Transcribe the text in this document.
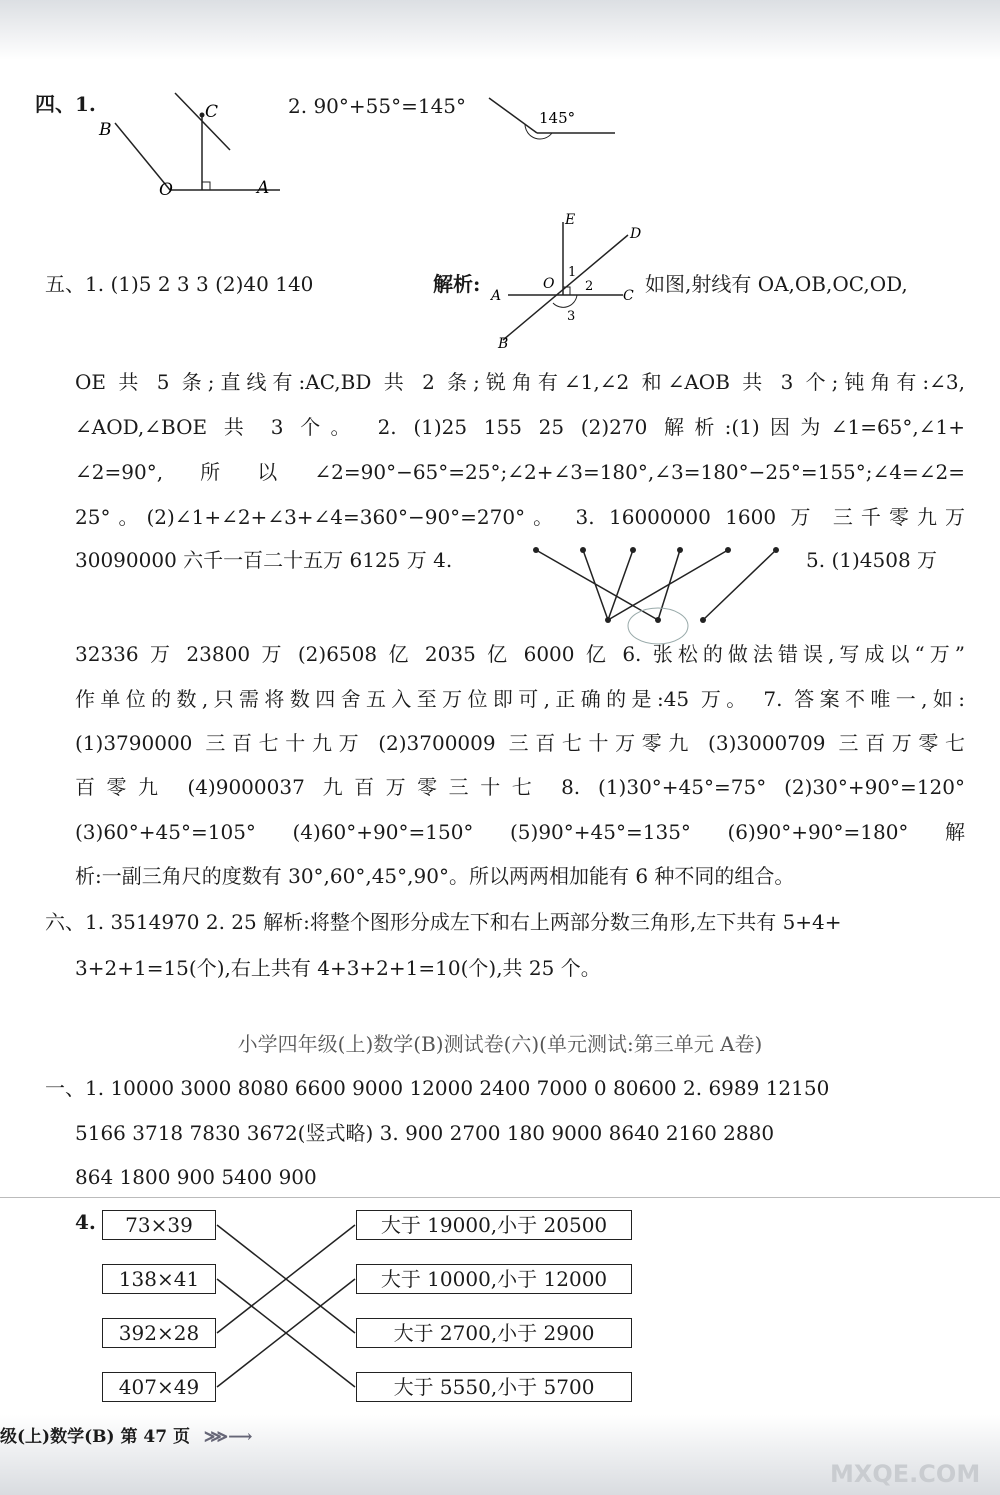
四、1.
B
C
O	A
2. 90°+55°=145°	145°
五、1. (1)5 2 3 3 (2)40 140	解析:
E
D
O
A	C
B
1
2
3
如图,射线有 OA,OB,OC,OD,
OE 共 5 条;直线有:AC,BD 共 2 条;锐角有∠1,∠2 和∠AOB 共 3 个;钝角有:∠3,
∠AOD,∠BOE 共 3 个。 2. (1)25 155 25 (2)270 解析:(1)因为∠1=65°,∠1+
∠2=90°,所以∠2=90°−65°=25°;∠2+∠3=180°,∠3=180°−25°=155°;∠4=∠2=
25°。(2)∠1+∠2+∠3+∠4=360°−90°=270°。 3. 16000000 1600 万 三千零九万
30090000 六千一百二十五万 6125 万 4.	5. (1)4508 万
32336 万 23800 万 (2)6508 亿 2035 亿 6000 亿 6. 张松的做法错误,写成以“万”
作单位的数,只需将数四舍五入至万位即可,正确的是:45 万。 7. 答案不唯一,如:
(1)3790000 三百七十九万 (2)3700009 三百七十万零九 (3)3000709 三百万零七
百零九 (4)9000037 九百万零三十七 8. (1)30°+45°=75° (2)30°+90°=120°
(3)60°+45°=105° (4)60°+90°=150° (5)90°+45°=135° (6)90°+90°=180° 解
析:一副三角尺的度数有 30°,60°,45°,90°。所以两两相加能有 6 种不同的组合。
六、1. 3514970 2. 25 解析:将整个图形分成左下和右上两部分数三角形,左下共有 5+4+
3+2+1=15(个),右上共有 4+3+2+1=10(个),共 25 个。
小学四年级(上)数学(B)测试卷(六)(单元测试:第三单元 A卷)
一、1. 10000 3000 8080 6600 9000 12000 2400 7000 0 80600 2. 6989 12150
5166 3718 7830 3672(竖式略) 3. 900 2700 180 9000 8640 2160 2880
864 1800 900 5400 900
4.	73×39
138×41
392×28
407×49
大于 19000,小于 20500
大于 10000,小于 12000
大于 2700,小于 2900
大于 5550,小于 5700
级(上)数学(B) 第 47 页 ⋙⟶
MXQE.COM
